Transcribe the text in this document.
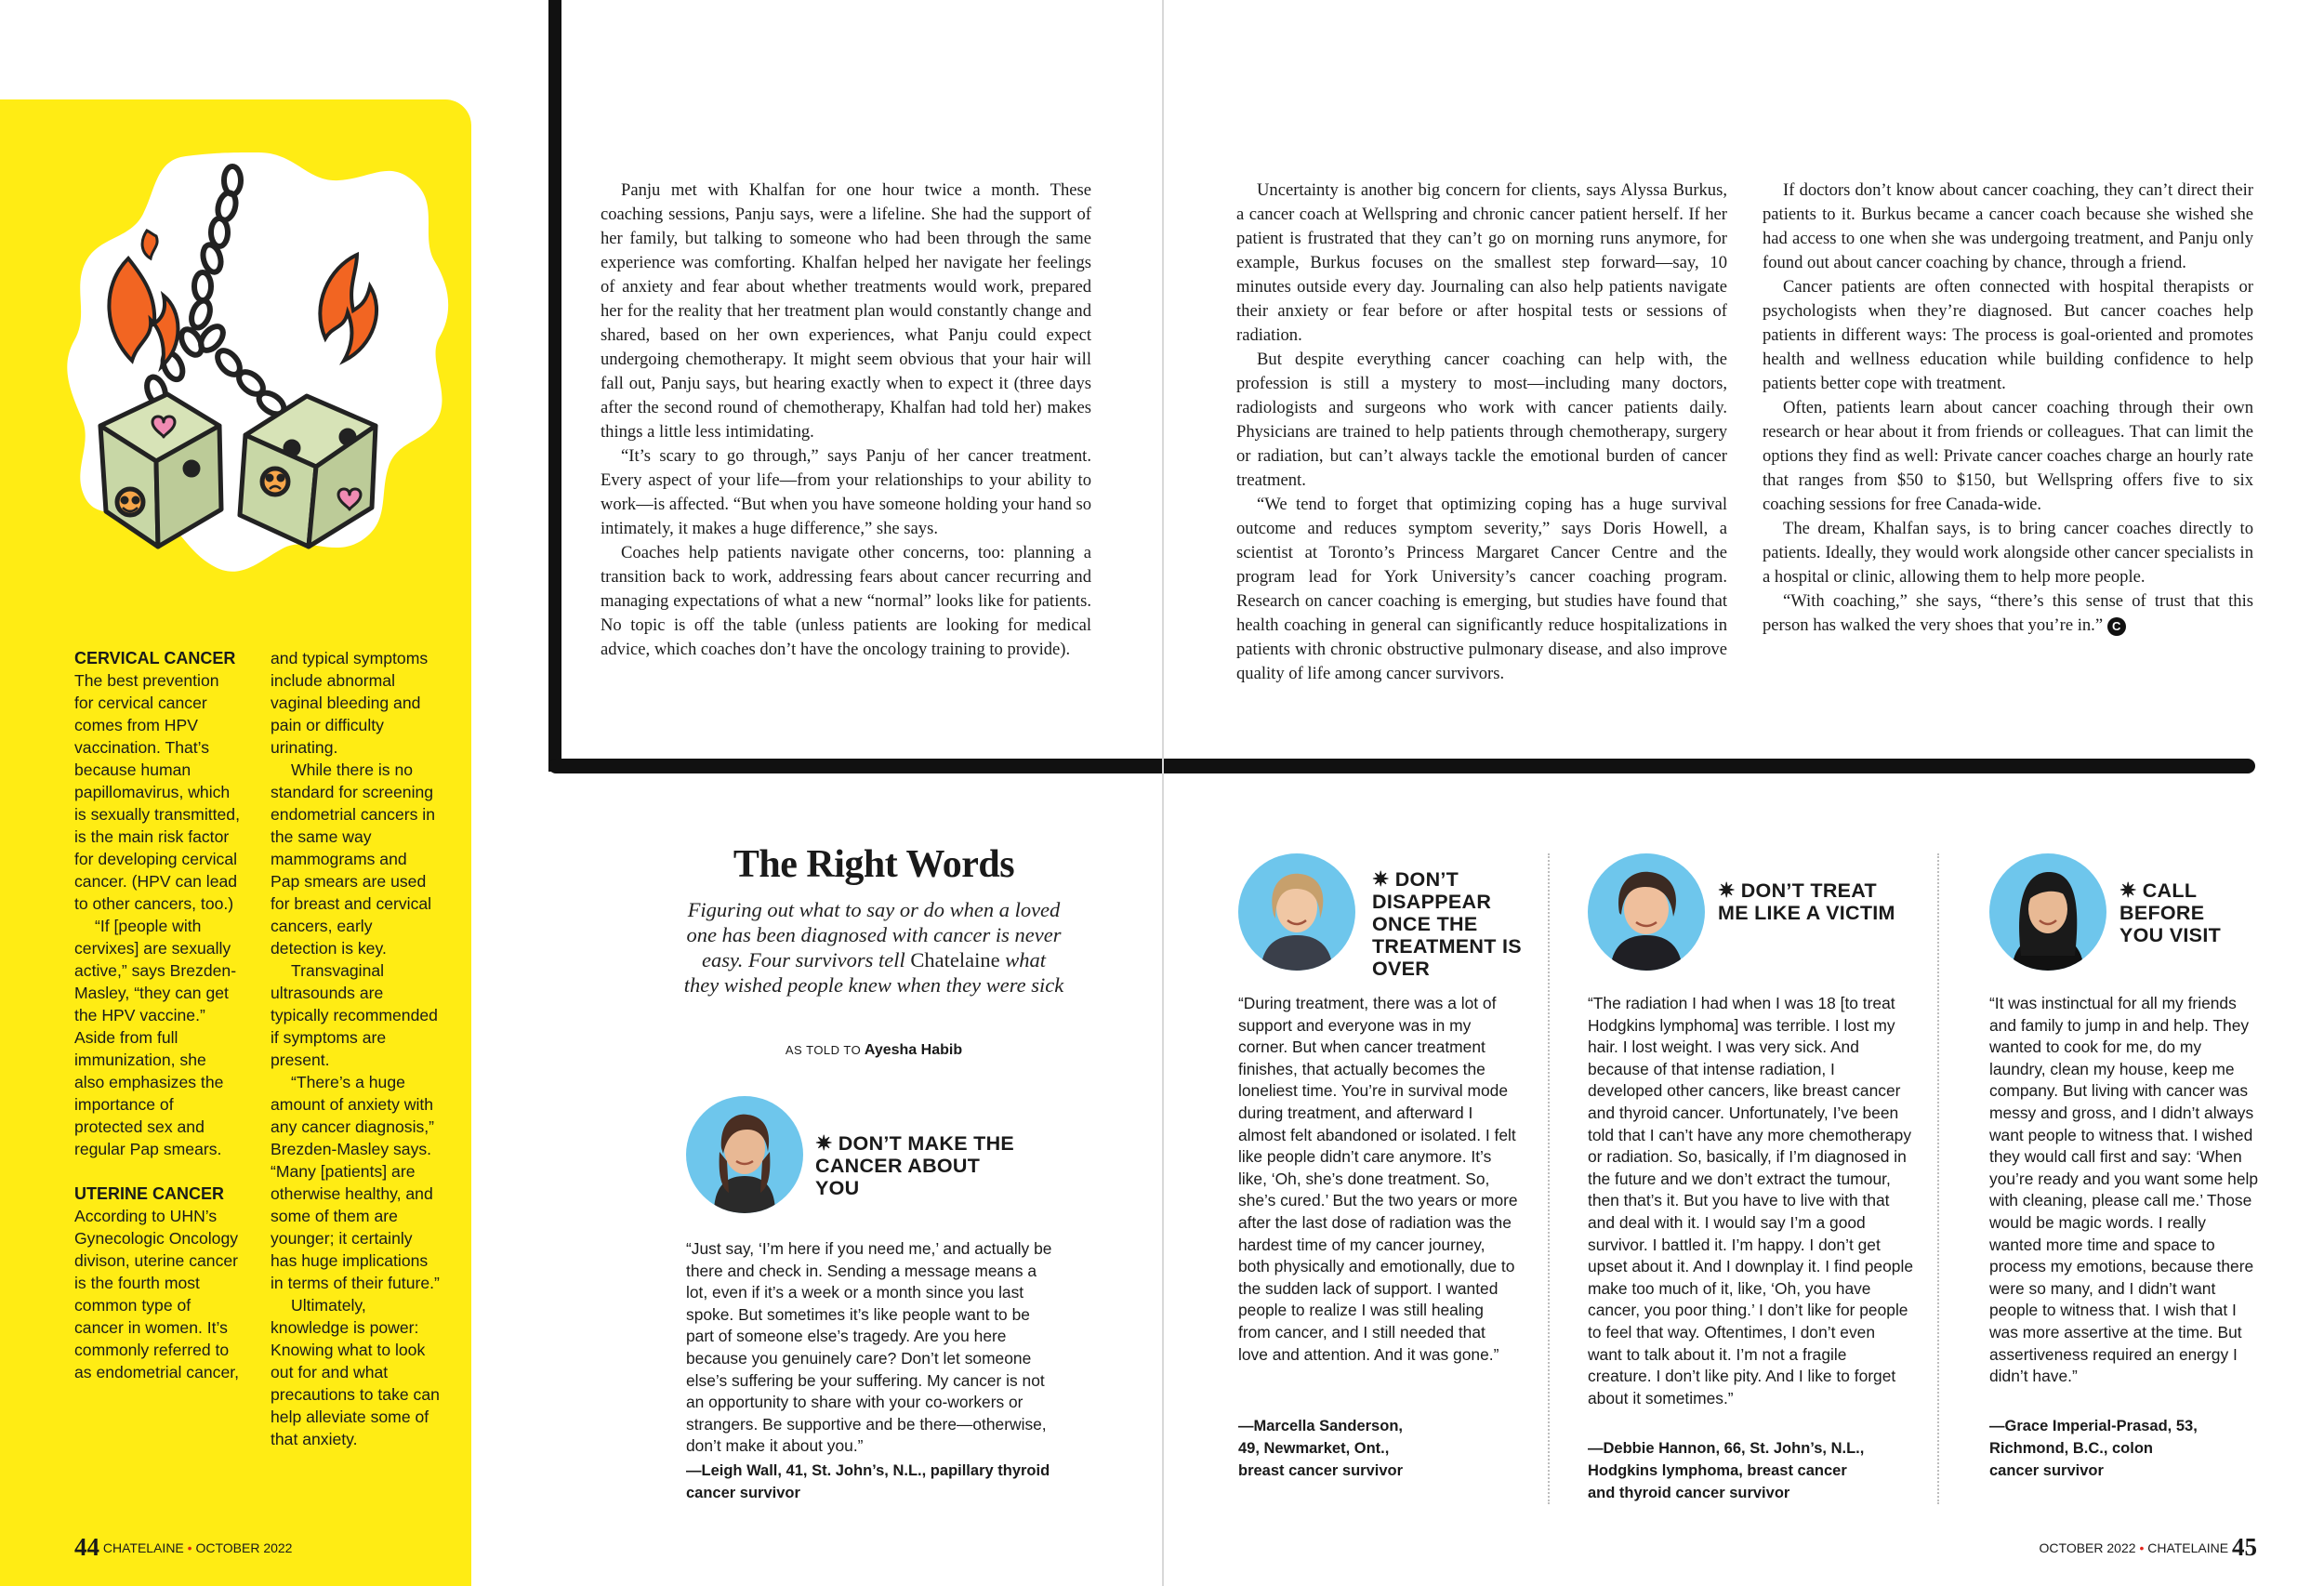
CERVICAL CANCER
The best prevention for cervical cancer comes from HPV vaccination. That’s because human papillomavirus, which is sexually transmitted, is the main risk factor for developing cervical cancer. (HPV can lead to other cancers, too.)
“If [people with cervixes] are sexually active,” says Brezden-Masley, “they can get the HPV vaccine.” Aside from full immunization, she also emphasizes the importance of protected sex and regular Pap smears.
UTERINE CANCER
According to UHN’s Gynecologic Oncology divison, uterine cancer is the fourth most common type of cancer in women. It’s commonly referred to as endometrial cancer,
and typical symptoms include abnormal vaginal bleeding and pain or difficulty urinating.
While there is no standard for screening endometrial cancers in the same way mammograms and Pap smears are used for breast and cervical cancers, early detection is key.
Transvaginal ultrasounds are typically recommended if symptoms are present.
“There’s a huge amount of anxiety with any cancer diagnosis,” Brezden-Masley says. “Many [patients] are otherwise healthy, and some of them are younger; it certainly has huge implications in terms of their future.”
Ultimately, knowledge is power: Knowing what to look out for and what precautions to take can help alleviate some of that anxiety.

Panju met with Khalfan for one hour twice a month. These coaching sessions, Panju says, were a lifeline. She had the support of her family, but talking to someone who had been through the same experience was comforting. Khalfan helped her navigate her feelings of anxiety and fear about whether treatments would work, prepared her for the reality that her treatment plan would constantly change and shared, based on her own experiences, what Panju could expect undergoing chemotherapy. It might seem obvious that your hair will fall out, Panju says, but hearing exactly when to expect it (three days after the second round of chemotherapy, Khalfan had told her) makes things a little less intimidating.

“It’s scary to go through,” says Panju of her cancer treatment. Every aspect of your life—from your relationships to your ability to work—is affected. “But when you have someone holding your hand so intimately, it makes a huge difference,” she says.

Coaches help patients navigate other concerns, too: planning a transition back to work, addressing fears about cancer recurring and managing expectations of what a new “normal” looks like for patients. No topic is off the table (unless patients are looking for medical advice, which coaches don’t have the oncology training to provide).

The Right Words
Figuring out what to say or do when a loved one has been diagnosed with cancer is never easy. Four survivors tell Chatelaine what they wished people knew when they were sick
AS TOLD TO Ayesha Habib
✷ DON’T MAKE THE CANCER ABOUT YOU
“Just say, ‘I’m here if you need me,’ and actually be there and check in. Sending a message means a lot, even if it’s a week or a month since you last spoke. But sometimes it’s like people want to be part of someone else’s tragedy. Are you here because you genuinely care? Don’t let someone else’s suffering be your suffering. My cancer is not an opportunity to share with your co-workers or strangers. Be supportive and be there—otherwise, don’t make it about you.”
—Leigh Wall, 41, St. John’s, N.L., papillary thyroid cancer survivor
44 CHATELAINE • OCTOBER 2022

Uncertainty is another big concern for clients, says Alyssa Burkus, a cancer coach at Wellspring and chronic cancer patient herself. If her patient is frustrated that they can’t go on morning runs anymore, for example, Burkus focuses on the smallest step forward—say, 10 minutes outside every day. Journaling can also help patients navigate their anxiety or fear before or after hospital tests or sessions of radiation.

But despite everything cancer coaching can help with, the profession is still a mystery to most—including many doctors, radiologists and surgeons who work with cancer patients daily. Physicians are trained to help patients through chemotherapy, surgery or radiation, but can’t always tackle the emotional burden of cancer treatment.

“We tend to forget that optimizing coping has a huge survival outcome and reduces symptom severity,” says Doris Howell, a scientist at Toronto’s Princess Margaret Cancer Centre and the program lead for York University’s cancer coaching program. Research on cancer coaching is emerging, but studies have found that health coaching in general can significantly reduce hospitalizations in patients with chronic obstructive pulmonary disease, and also improve quality of life among cancer survivors.

If doctors don’t know about cancer coaching, they can’t direct their patients to it. Burkus became a cancer coach because she wished she had access to one when she was undergoing treatment, and Panju only found out about cancer coaching by chance, through a friend.

Cancer patients are often connected with hospital therapists or psychologists when they’re diagnosed. But cancer coaches help patients in different ways: The process is goal-oriented and promotes health and wellness education while building confidence to help patients better cope with treatment.

Often, patients learn about cancer coaching through their own research or hear about it from friends or colleagues. That can limit the options they find as well: Private cancer coaches charge an hourly rate that ranges from $50 to $150, but Wellspring offers five to six coaching sessions for free Canada-wide.

The dream, Khalfan says, is to bring cancer coaches directly to patients. Ideally, they would work alongside other cancer specialists in a hospital or clinic, allowing them to help more people.

“With coaching,” she says, “there’s this sense of trust that this person has walked the very shoes that you’re in.” C

✷ DON’T DISAPPEAR ONCE THE TREATMENT IS OVER
“During treatment, there was a lot of support and everyone was in my corner. But when cancer treatment finishes, that actually becomes the loneliest time. You’re in survival mode during treatment, and afterward I almost felt abandoned or isolated. I felt like people didn’t care anymore. It’s like, ‘Oh, she’s done treatment. So, she’s cured.’ But the two years or more after the last dose of radiation was the hardest time of my cancer journey, both physically and emotionally, due to the sudden lack of support. I wanted people to realize I was still healing from cancer, and I still needed that love and attention. And it was gone.”
—Marcella Sanderson, 49, Newmarket, Ont., breast cancer survivor
✷ DON’T TREAT ME LIKE A VICTIM
“The radiation I had when I was 18 [to treat Hodgkins lymphoma] was terrible. I lost my hair. I lost weight. I was very sick. And because of that intense radiation, I developed other cancers, like breast cancer and thyroid cancer. Unfortunately, I’ve been told that I can’t have any more chemotherapy or radiation. So, basically, if I’m diagnosed in the future and we don’t extract the tumour, then that’s it. But you have to live with that and deal with it. I would say I’m a good survivor. I battled it. I’m happy. I don’t get upset about it. And I downplay it. I find people make too much of it, like, ‘Oh, you have cancer, you poor thing.’ I don’t like for people to feel that way. Oftentimes, I don’t even want to talk about it. I’m not a fragile creature. I don’t like pity. And I like to forget about it sometimes.”
—Debbie Hannon, 66, St. John’s, N.L., Hodgkins lymphoma, breast cancer and thyroid cancer survivor
✷ CALL BEFORE YOU VISIT
“It was instinctual for all my friends and family to jump in and help. They wanted to cook for me, do my laundry, clean my house, keep me company. But living with cancer was messy and gross, and I didn’t always want people to witness that. I wished they would call first and say: ‘When you’re ready and you want some help with cleaning, please call me.’ Those would be magic words. I really wanted more time and space to process my emotions, because there were so many, and I didn’t want people to witness that. I wish that I was more assertive at the time. But assertiveness required an energy I didn’t have.”
—Grace Imperial-Prasad, 53, Richmond, B.C., colon cancer survivor
OCTOBER 2022 • CHATELAINE 45
